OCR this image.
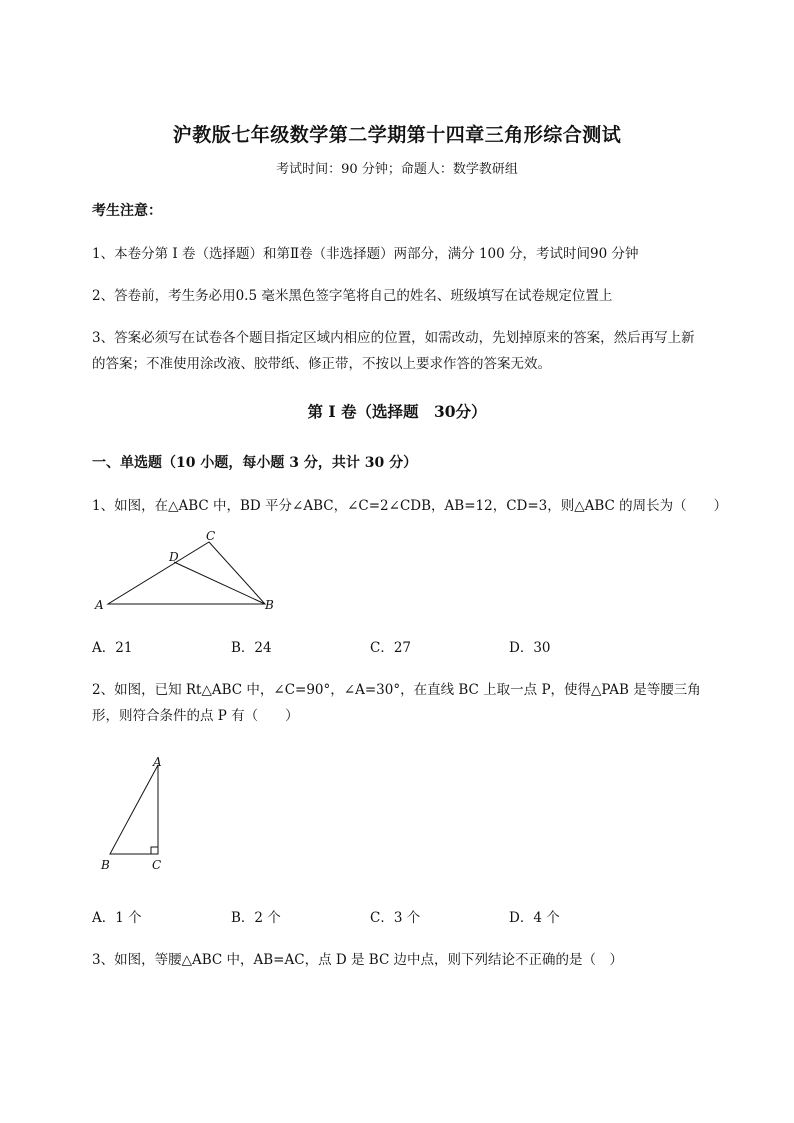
沪教版七年级数学第二学期第十四章三角形综合测试
考试时间：90 分钟；命题人：数学教研组
考生注意：
1、本卷分第 I 卷（选择题）和第Ⅱ卷（非选择题）两部分，满分 100 分，考试时间90 分钟
2、答卷前，考生务必用0.5 毫米黑色签字笔将自己的姓名、班级填写在试卷规定位置上
3、答案必须写在试卷各个题目指定区域内相应的位置，如需改动，先划掉原来的答案，然后再写上新
的答案；不准使用涂改液、胶带纸、修正带，不按以上要求作答的答案无效。
第 I 卷（选择题　30分）
一、单选题（10 小题，每小题 3 分，共计 30 分）
1、如图，在△ABC 中，BD 平分∠ABC，∠C=2∠CDB，AB=12，CD=3，则△ABC 的周长为（　　）
C
D
A	B
A．21	B．24	C．27	D．30
2、如图，已知 Rt△ABC 中，∠C=90°，∠A=30°，在直线 BC 上取一点 P，使得△PAB 是等腰三角
形，则符合条件的点 P 有（　　）
A
B	C
A．1 个	B．2 个	C．3 个	D．4 个
3、如图，等腰△ABC 中，AB=AC，点 D 是 BC 边中点，则下列结论不正确的是（　）
